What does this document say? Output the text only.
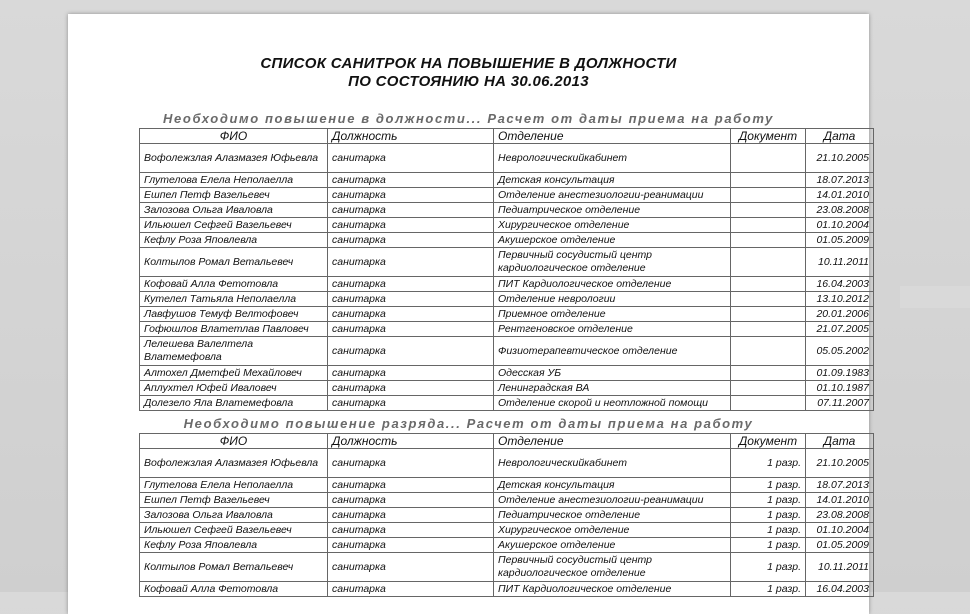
СПИСОК САНИТРОК НА ПОВЫШЕНИЕ В ДОЛЖНОСТИ
ПО СОСТОЯНИЮ НА 30.06.2013
Необходимо повышение в должности... Расчет от даты приема на работу
ФИО	Должность	Отделение	Документ	Дата
Вофолежзлая Алазмазея Юфьевла	санитарка	Неврологическийкабинет		21.10.2005
Глутелова Елела Неполаелла	санитарка	Детская консультация		18.07.2013
Ешпел Петф Вазельевеч	санитарка	Отделение анестезиологии-реанимации		14.01.2010
Залозова Ольга Иваловла	санитарка	Педиатрическое отделение		23.08.2008
Ильюшел Сефгей Вазельевеч	санитарка	Хирургическое отделение		01.10.2004
Кефлу Роза Яповлевла	санитарка	Акушерское отделение		01.05.2009
Колтылов Ромал Ветальевеч	санитарка	Первичный сосудистый центр кардиологическое отделение		10.11.2011
Кофовай Алла Фетотовла	санитарка	ПИТ Кардиологическое отделение		16.04.2003
Кутелел Татьяла Неполаелла	санитарка	Отделение неврологии		13.10.2012
Лавфушов Темуф Велтофовеч	санитарка	Приемное отделение		20.01.2006
Гофюшлов Влатетлав Павловеч	санитарка	Рентгеновское отделение		21.07.2005
Лелешева Валелтела Влатемефовла	санитарка	Физиотерапевтическое отделение		05.05.2002
Алтохел Дметфей Мехайловеч	санитарка	Одесская УБ		01.09.1983
Аплухтел Юфей Иваловеч	санитарка	Ленинградская ВА		01.10.1987
Долезело Яла Влатемефовла	санитарка	Отделение скорой и неотложной помощи		07.11.2007
Необходимо повышение разряда... Расчет от даты приема на работу
ФИО	Должность	Отделение	Документ	Дата
Вофолежзлая Алазмазея Юфьевла	санитарка	Неврологическийкабинет	1 разр.	21.10.2005
Глутелова Елела Неполаелла	санитарка	Детская консультация	1 разр.	18.07.2013
Ешпел Петф Вазельевеч	санитарка	Отделение анестезиологии-реанимации	1 разр.	14.01.2010
Залозова Ольга Иваловла	санитарка	Педиатрическое отделение	1 разр.	23.08.2008
Ильюшел Сефгей Вазельевеч	санитарка	Хирургическое отделение	1 разр.	01.10.2004
Кефлу Роза Яповлевла	санитарка	Акушерское отделение	1 разр.	01.05.2009
Колтылов Ромал Ветальевеч	санитарка	Первичный сосудистый центр кардиологическое отделение	1 разр.	10.11.2011
Кофовай Алла Фетотовла	санитарка	ПИТ Кардиологическое отделение	1 разр.	16.04.2003
